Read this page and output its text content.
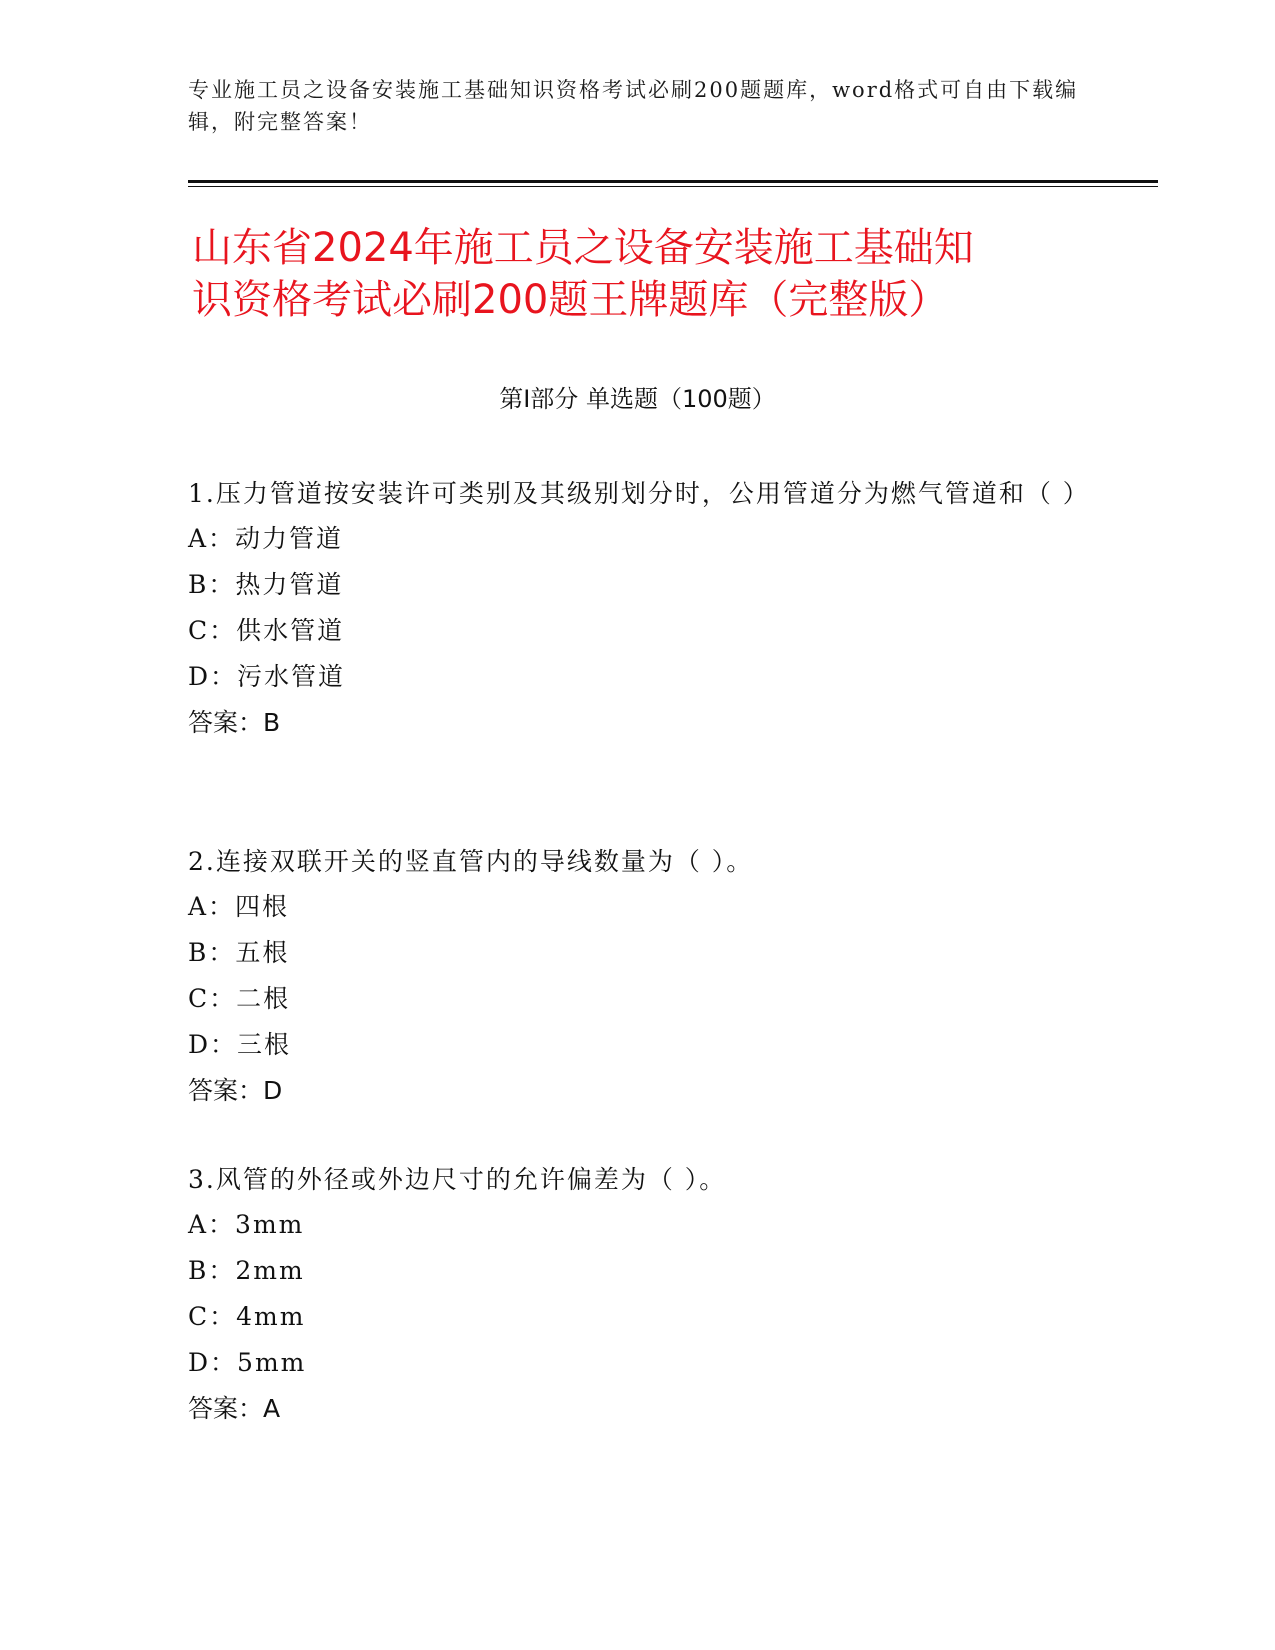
专业施工员之设备安装施工基础知识资格考试必刷200题题库，word格式可自由下载编辑，附完整答案！
山东省2024年施工员之设备安装施工基础知
识资格考试必刷200题王牌题库（完整版）
第Ⅰ部分 单选题（100题）

1.压力管道按安装许可类别及其级别划分时，公用管道分为燃气管道和（ ）

A：动力管道

B：热力管道

C：供水管道

D：污水管道

答案：B

2.连接双联开关的竖直管内的导线数量为（ ）。

A：四根

B：五根

C：二根

D：三根

答案：D

3.风管的外径或外边尺寸的允许偏差为（ ）。

A：3mm

B：2mm

C：4mm

D：5mm

答案：A
